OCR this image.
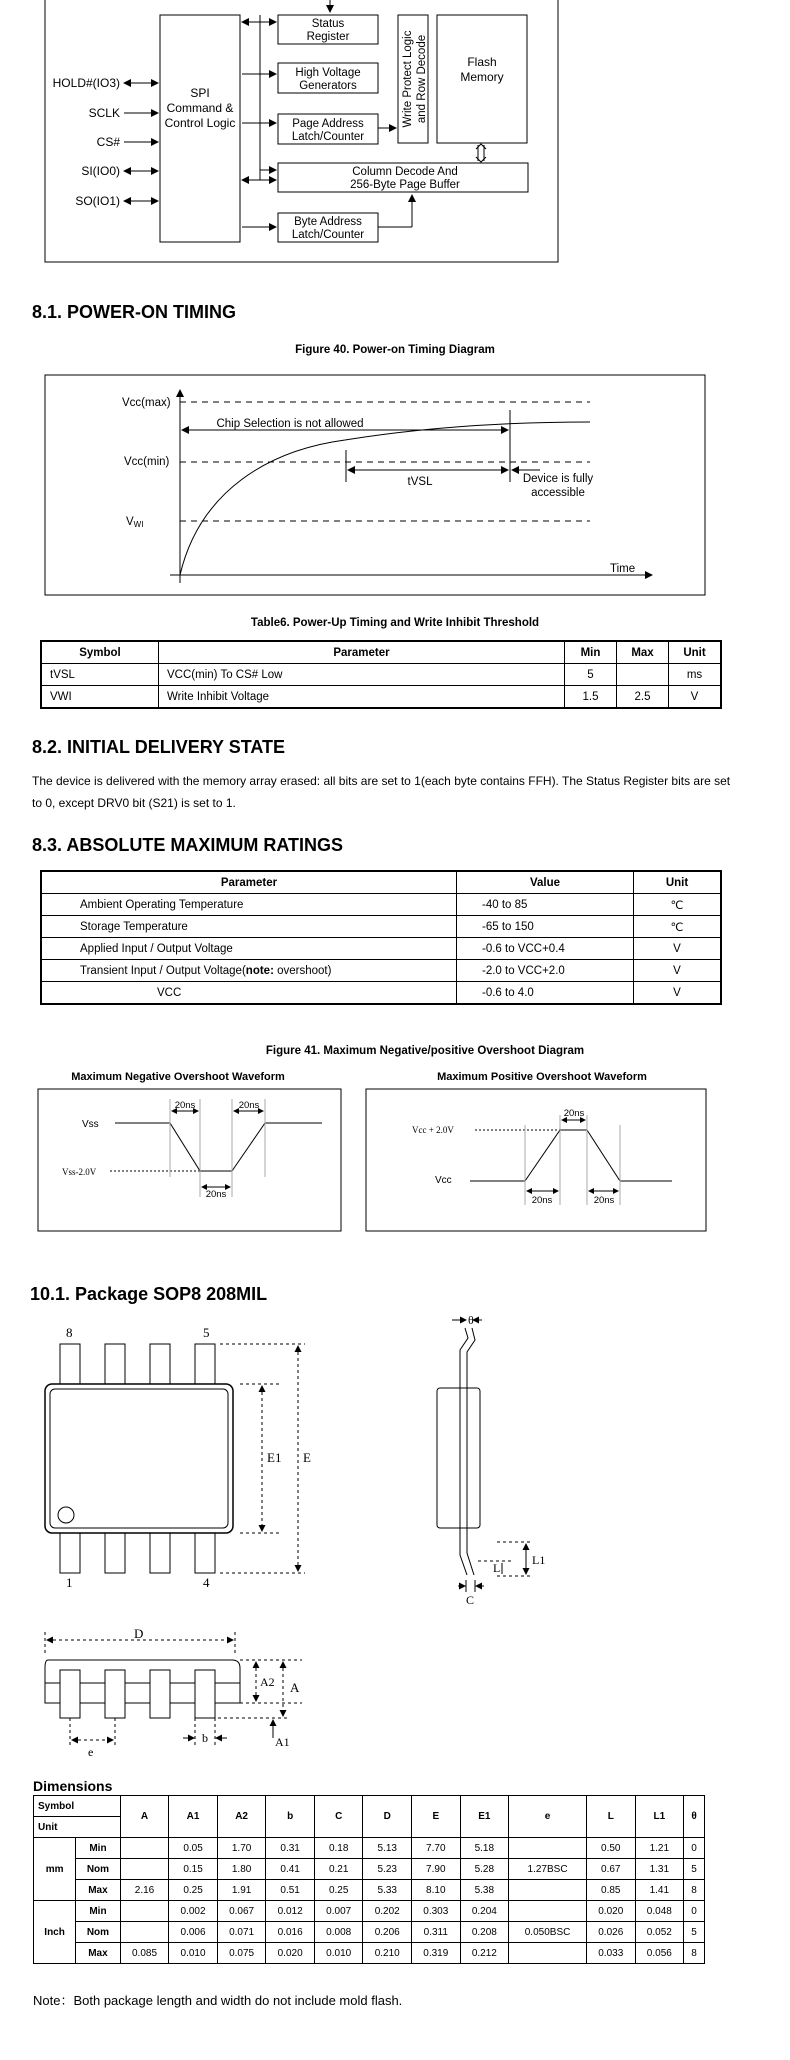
SPI
Command &
Control Logic
HOLD#(IO3)
SCLK
CS#
SI(IO0)
SO(IO1)
Status
Register
High Voltage
Generators
Page Address
Latch/Counter
Write Protect Logic and Row Decode	Flash
Memory
Column Decode And
256-Byte Page Buffer
Byte Address
Latch/Counter
8.1. POWER-ON TIMING
Figure 40. Power-on Timing Diagram
Vcc(max)
Vcc(min)
VWI
Chip Selection is not allowed
tVSL	Device is fully
accessible
Time
Table6. Power-Up Timing and Write Inhibit Threshold
Symbol	Parameter	Min	Max	Unit
tVSL	VCC(min) To CS# Low	5		ms
VWI	Write Inhibit Voltage	1.5	2.5	V
8.2. INITIAL DELIVERY STATE
The device is delivered with the memory array erased: all bits are set to 1(each byte contains FFH). The Status Register bits are set to 0, except DRV0 bit (S21) is set to 1.
8.3. ABSOLUTE MAXIMUM RATINGS
Parameter	Value	Unit
Ambient Operating Temperature	-40 to 85	℃
Storage Temperature	-65 to 150	℃
Applied Input / Output Voltage	-0.6 to VCC+0.4	V
Transient Input / Output Voltage(note: overshoot)	-2.0 to VCC+2.0	V
VCC	-0.6 to 4.0	V
Figure 41. Maximum Negative/positive Overshoot Diagram
Maximum Negative Overshoot Waveform	Maximum Positive Overshoot Waveform
Vss
Vss-2.0V
20ns	20ns
20ns
Vcc + 2.0V
Vcc
20ns
20ns	20ns
10.1. Package SOP8 208MIL
8	5
1	4
E1 E
θ
L1
L
C
D
A2 A
A1
e
b
Dimensions
Symbol		A	A1	A2	b	C	D	E	E1	e	L	L1	θ
Unit													
mm	Min		0.05	1.70	0.31	0.18	5.13	7.70	5.18		0.50	1.21	0
	Nom		0.15	1.80	0.41	0.21	5.23	7.90	5.28	1.27BSC	0.67	1.31	5
	Max	2.16	0.25	1.91	0.51	0.25	5.33	8.10	5.38		0.85	1.41	8
Inch	Min		0.002	0.067	0.012	0.007	0.202	0.303	0.204		0.020	0.048	0
	Nom		0.006	0.071	0.016	0.008	0.206	0.311	0.208	0.050BSC	0.026	0.052	5
	Max	0.085	0.010	0.075	0.020	0.010	0.210	0.319	0.212		0.033	0.056	8
Note：Both package length and width do not include mold flash.
